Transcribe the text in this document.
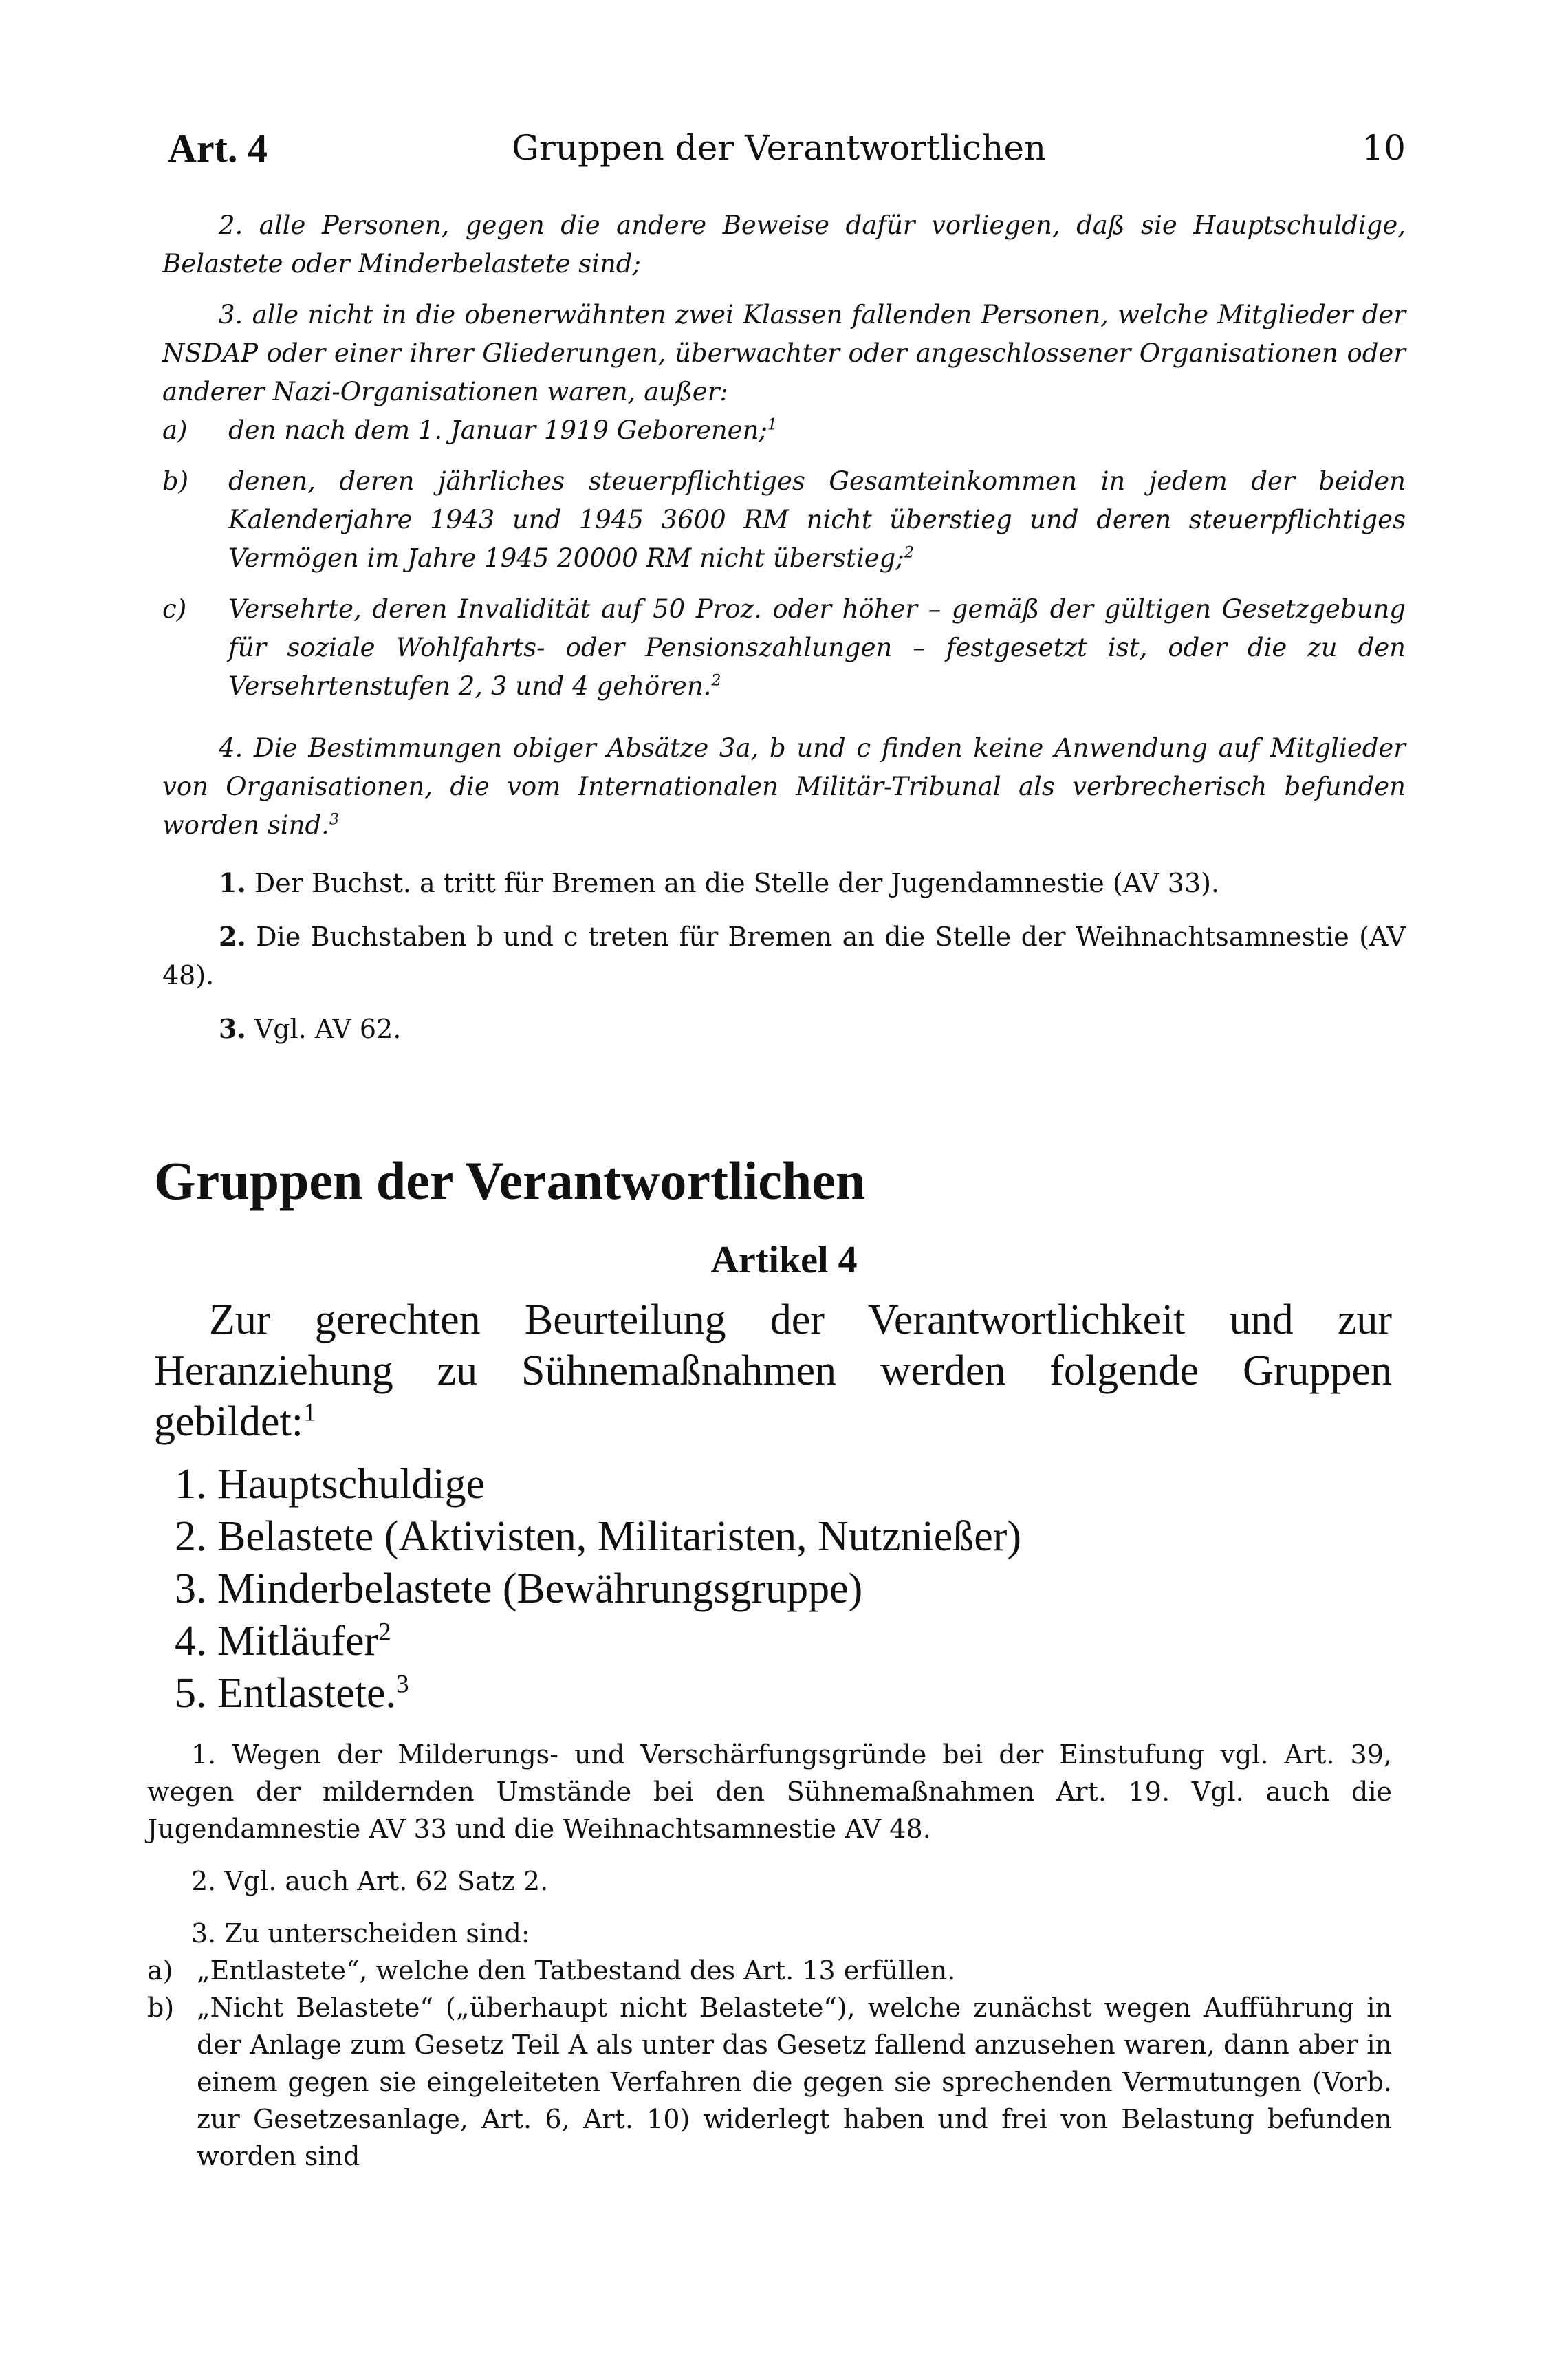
Art. 4	Gruppen der Verantwortlichen	10

2. alle Personen, gegen die andere Beweise dafür vorliegen, daß sie Hauptschuldige, Belastete oder Minderbelastete sind;

3. alle nicht in die obenerwähnten zwei Klassen fallenden Personen, welche Mitglieder der NSDAP oder einer ihrer Gliederungen, überwachter oder angeschlossener Organisationen oder anderer Nazi-Organisationen waren, außer:

a)	den nach dem 1. Januar 1919 Geborenen;$^1$
b)	denen, deren jährliches steuerpflichtiges Gesamteinkommen in jedem der beiden Kalenderjahre 1943 und 1945 3600 RM nicht überstieg und deren steuerpflichtiges Vermögen im Jahre 1945 20000 RM nicht überstieg;$^2$
c)	Versehrte, deren Invalidität auf 50 Proz. oder höher – gemäß der gültigen Gesetzgebung für soziale Wohlfahrts- oder Pensionszahlungen – festgesetzt ist, oder die zu den Versehrtenstufen 2, 3 und 4 gehören.$^2$

4. Die Bestimmungen obiger Absätze 3a, b und c finden keine Anwendung auf Mitglieder von Organisationen, die vom Internationalen Militär-Tribunal als verbrecherisch befunden worden sind.$^3$

1. Der Buchst. a tritt für Bremen an die Stelle der Jugendamnestie (AV 33).

2. Die Buchstaben b und c treten für Bremen an die Stelle der Weihnachtsamnestie (AV 48).

3. Vgl. AV 62.

Gruppen der Verantwortlichen
Artikel 4

Zur gerechten Beurteilung der Verantwortlichkeit und zur Heranziehung zu Sühnemaßnahmen werden folgende Gruppen gebildet:$^1$

1. Hauptschuldige
2. Belastete (Aktivisten, Militaristen, Nutznießer)
3. Minderbelastete (Bewährungsgruppe)
4. Mitläufer$^2$
5. Entlastete.$^3$

1. Wegen der Milderungs- und Verschärfungsgründe bei der Einstufung vgl. Art. 39, wegen der mildernden Umstände bei den Sühnemaßnahmen Art. 19. Vgl. auch die Jugendamnestie AV 33 und die Weihnachtsamnestie AV 48.

2. Vgl. auch Art. 62 Satz 2.

3. Zu unterscheiden sind:

a) „Entlastete“, welche den Tatbestand des Art. 13 erfüllen.
b) „Nicht Belastete“ („überhaupt nicht Belastete“), welche zunächst wegen Aufführung in der Anlage zum Gesetz Teil A als unter das Gesetz fallend anzusehen waren, dann aber in einem gegen sie eingeleiteten Verfahren die gegen sie sprechenden Vermutungen (Vorb. zur Gesetzesanlage, Art. 6, Art. 10) widerlegt haben und frei von Belastung befunden worden sind
